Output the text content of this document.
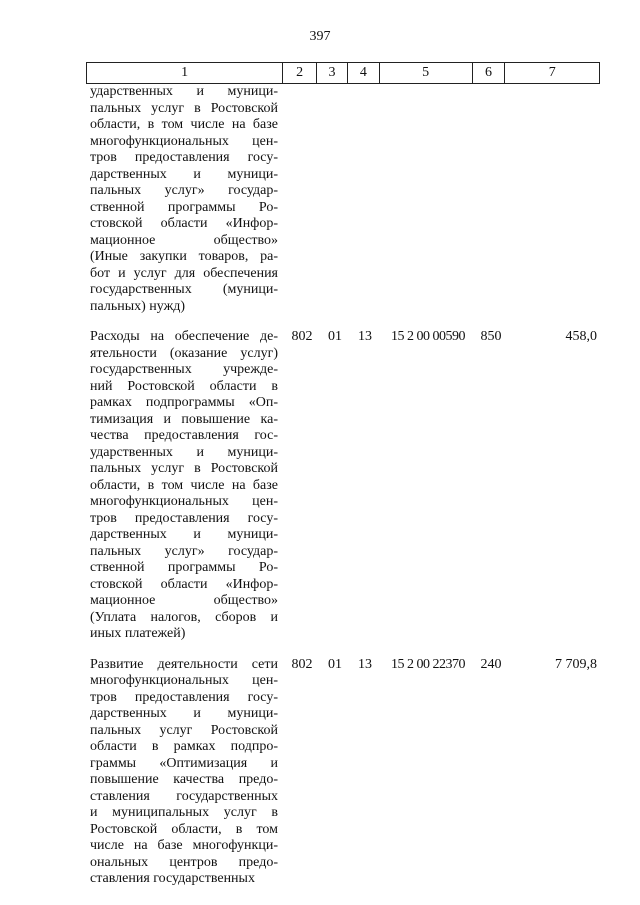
397
1	2	3	4	5	6	7
ударственных и муници-
пальных услуг в Ростовской
области, в том числе на базе
многофункциональных цен-
тров предоставления госу-
дарственных и муници-
пальных услуг» государ-
ственной программы Ро-
стовской области «Инфор-
мационное общество»
(Иные закупки товаров, ра-
бот и услуг для обеспечения
государственных (муници-
пальных) нужд)
Расходы на обеспечение де-
ятельности (оказание услуг)
государственных учрежде-
ний Ростовской области в
рамках подпрограммы «Оп-
тимизация и повышение ка-
чества предоставления гос-
ударственных и муници-
пальных услуг в Ростовской
области, в том числе на базе
многофункциональных цен-
тров предоставления госу-
дарственных и муници-
пальных услуг» государ-
ственной программы Ро-
стовской области «Инфор-
мационное общество»
(Уплата налогов, сборов и
иных платежей)
802	01	13	15 2 00 00590	850	458,0
Развитие деятельности сети
многофункциональных цен-
тров предоставления госу-
дарственных и муници-
пальных услуг Ростовской
области в рамках подпро-
граммы «Оптимизация и
повышение качества предо-
ставления государственных
и муниципальных услуг в
Ростовской области, в том
числе на базе многофункци-
ональных центров предо-
ставления государственных
802	01	13	15 2 00 22370	240	7 709,8
